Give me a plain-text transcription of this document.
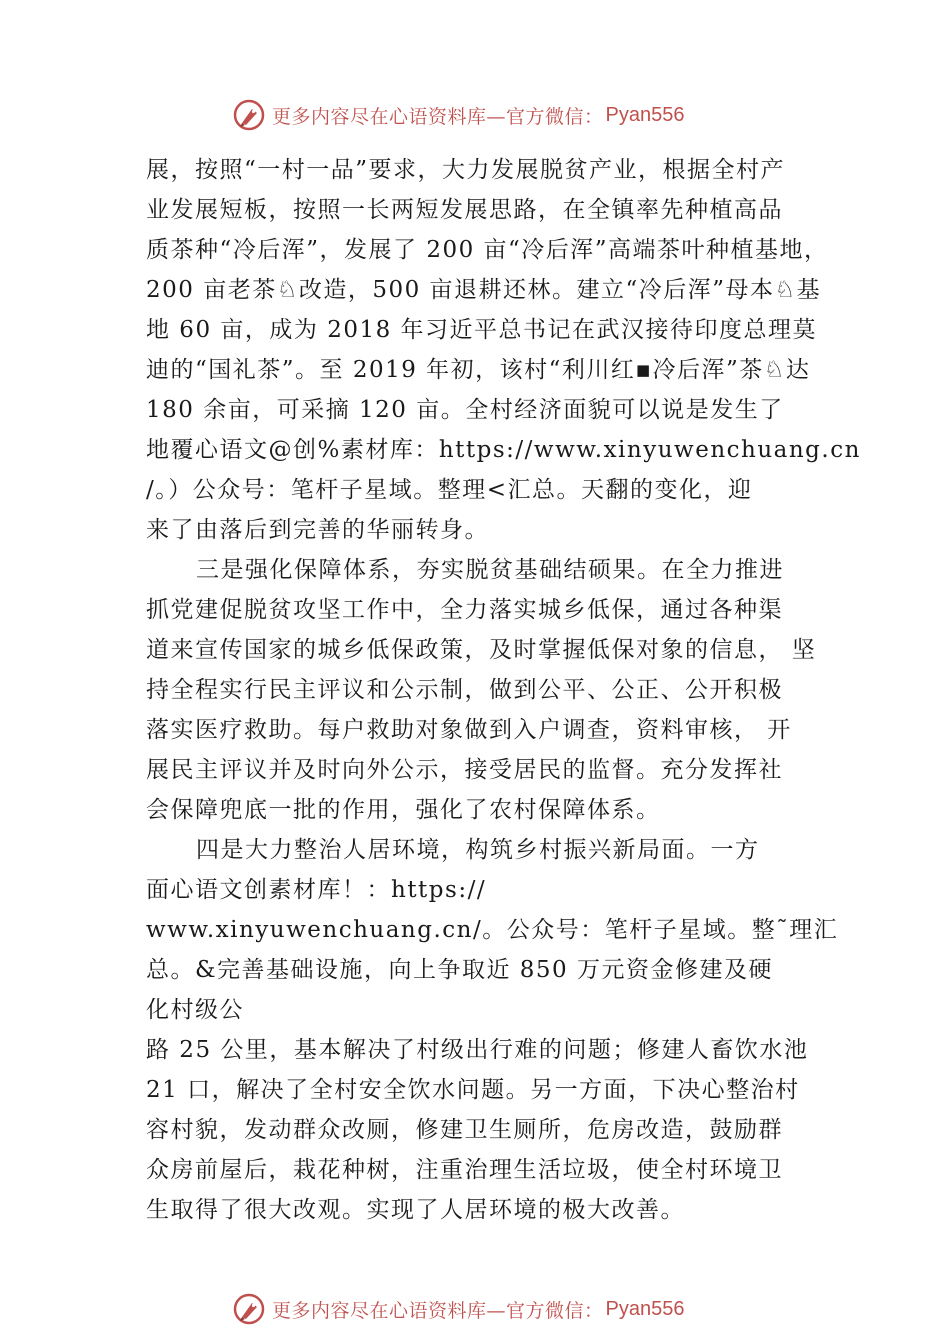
更多内容尽在心语资料库—官方微信： Pyan556
展，按照“一村一品”要求，大力发展脱贫产业，根据全村产
业发展短板，按照一长两短发展思路，在全镇率先种植高品
质茶种“冷后浑”，发展了 200 亩“冷后浑”高端茶叶种植基地，
200 亩老茶♘改造，500 亩退耕还林。建立“冷后浑”母本♘基
地 60 亩，成为 2018 年习近平总书记在武汉接待印度总理莫
迪的“国礼茶”。至 2019 年初，该村“利川红▪冷后浑”茶♘达
180 余亩，可采摘 120 亩。全村经济面貌可以说是发生了
地覆心语文@创%素材库：https://www.xinyuwenchuang.cn
/。）公众号：笔杆子星域。整理<汇总。天翻的变化，迎
来了由落后到完善的华丽转身。
三是强化保障体系，夯实脱贫基础结硕果。在全力推进
抓党建促脱贫攻坚工作中，全力落实城乡低保，通过各种渠
道来宣传国家的城乡低保政策，及时掌握低保对象的信息， 坚
持全程实行民主评议和公示制，做到公平、公正、公开积极
落实医疗救助。每户救助对象做到入户调查，资料审核， 开
展民主评议并及时向外公示，接受居民的监督。充分发挥社
会保障兜底一批的作用，强化了农村保障体系。
四是大力整治人居环境，构筑乡村振兴新局面。一方
面心语文创素材库！：https://
www.xinyuwenchuang.cn/。公众号：笔杆子星域。整˜理汇
总。&完善基础设施，向上争取近 850 万元资金修建及硬
化村级公
路 25 公里，基本解决了村级出行难的问题；修建人畜饮水池
21 口，解决了全村安全饮水问题。另一方面，下决心整治村
容村貌，发动群众改厕，修建卫生厕所，危房改造，鼓励群
众房前屋后，栽花种树，注重治理生活垃圾，使全村环境卫
生取得了很大改观。实现了人居环境的极大改善。
更多内容尽在心语资料库—官方微信： Pyan556
